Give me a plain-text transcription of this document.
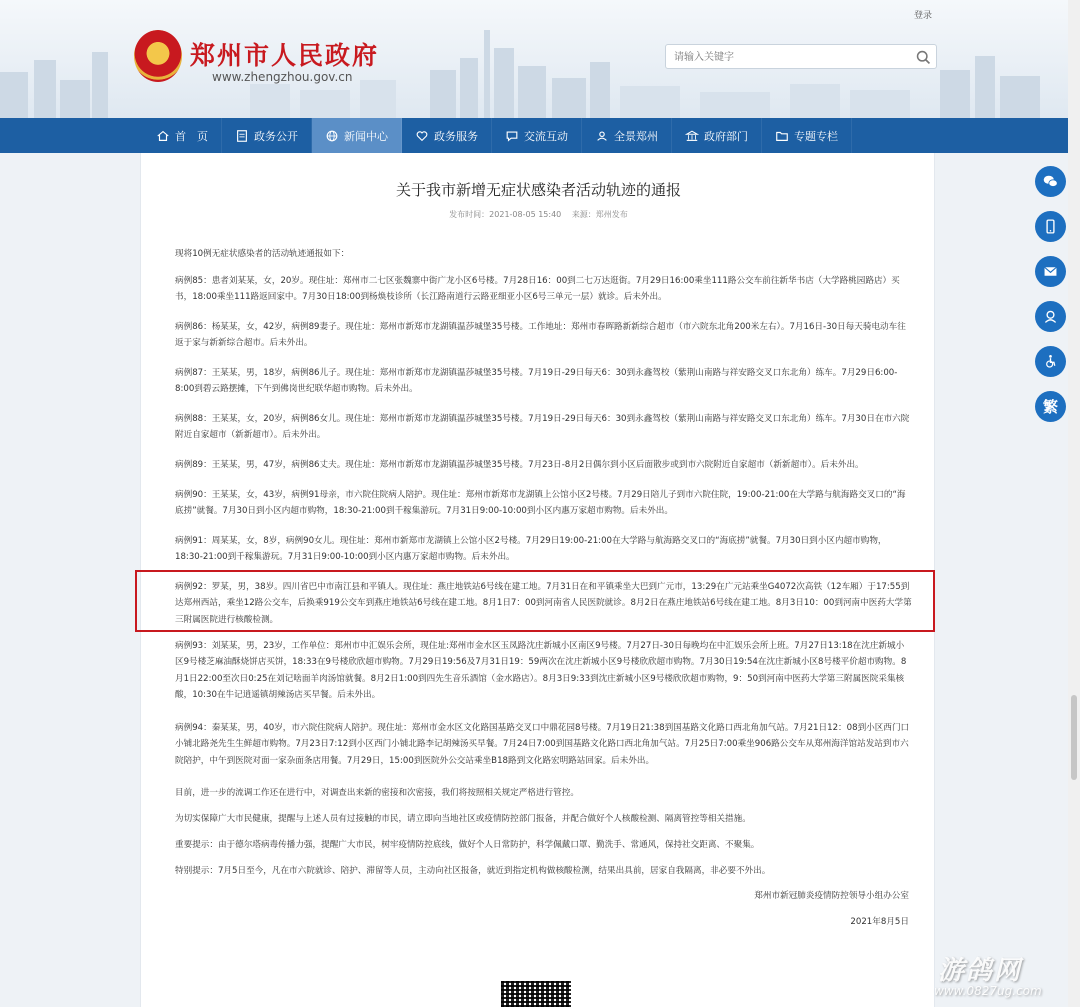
登录
郑州市人民政府
www.zhengzhou.gov.cn
请输入关键字
首　页	政务公开	新闻中心	政务服务	交流互动	全景郑州	政府部门	专题专栏
关于我市新增无症状感染者活动轨迹的通报
发布时间：2021-08-05 15:40 来源：郑州发布
现将10例无症状感染者的活动轨迹通报如下：
病例85：患者刘某某，女，20岁。现住址：郑州市二七区张魏寨中街广龙小区6号楼。7月28日16：00到二七万达逛街。7月29日16:00乘坐111路公交车前往新华书店（大学路桃园路店）买书，18:00乘坐111路返回家中。7月30日18:00到杨焕枝诊所（长江路南道行云路亚细亚小区6号三单元一层）就诊。后未外出。
病例86：杨某某，女，42岁，病例89妻子。现住址：郑州市新郑市龙湖镇温莎城堡35号楼。工作地址：郑州市春晖路新新综合超市（市六院东北角200米左右）。7月16日-30日每天骑电动车往返于家与新新综合超市。后未外出。
病例87：王某某，男，18岁，病例86儿子。现住址：郑州市新郑市龙湖镇温莎城堡35号楼。7月19日-29日每天6：30到永鑫驾校（紫荆山南路与祥安路交叉口东北角）练车。7月29日6:00-8:00到碧云路摆摊，下午到佛岗世纪联华超市购物。后未外出。
病例88：王某某，女，20岁，病例86女儿。现住址：郑州市新郑市龙湖镇温莎城堡35号楼。7月19日-29日每天6：30到永鑫驾校（紫荆山南路与祥安路交叉口东北角）练车。7月30日在市六院附近自家超市（新新超市）。后未外出。
病例89：王某某，男，47岁，病例86丈夫。现住址：郑州市新郑市龙湖镇温莎城堡35号楼。7月23日-8月2日偶尔到小区后面散步或到市六院附近自家超市（新新超市）。后未外出。
病例90：王某某，女，43岁，病例91母亲，市六院住院病人陪护。现住址：郑州市新郑市龙湖镇上公馆小区2号楼。7月29日陪儿子到市六院住院，19:00-21:00在大学路与航海路交叉口的“海底捞”就餐。7月30日到小区内超市购物，18:30-21:00到千稼集游玩。7月31日9:00-10:00到小区内惠万家超市购物。后未外出。
病例91：周某某，女，8岁，病例90女儿。现住址：郑州市新郑市龙湖镇上公馆小区2号楼。7月29日19:00-21:00在大学路与航海路交叉口的“海底捞”就餐。7月30日到小区内超市购物，18:30-21:00到千稼集游玩。7月31日9:00-10:00到小区内惠万家超市购物。后未外出。
病例92：罗某，男，38岁。四川省巴中市南江县和平镇人。现住址：燕庄地铁站6号线在建工地。7月31日在和平镇乘坐大巴到广元市，13:29在广元站乘坐G4072次高铁（12车厢）于17:55到达郑州西站，乘坐12路公交车，后换乘919公交车到燕庄地铁站6号线在建工地。8月1日7：00到河南省人民医院就诊。8月2日在燕庄地铁站6号线在建工地。8月3日10：00到河南中医药大学第三附属医院进行核酸检测。
病例93：刘某某，男，23岁，工作单位：郑州市中汇娱乐会所，现住址:郑州市金水区玉凤路沈庄新城小区南区9号楼。7月27日-30日每晚均在中汇娱乐会所上班。7月27日13:18在沈庄新城小区9号楼芝麻油酥烧饼店买饼，18:33在9号楼欣欣超市购物。7月29日19:56及7月31日19：59两次在沈庄新城小区9号楼欣欣超市购物。7月30日19:54在沈庄新城小区8号楼平价超市购物。8月1日22:00至次日0:25在刘记啥面羊肉汤馆就餐。8月2日1:00到四先生音乐酒馆（金水路店）。8月3日9:33到沈庄新城小区9号楼欣欣超市购物，9：50到河南中医药大学第三附属医院采集核酸，10:30在牛记逍遥镇胡辣汤店买早餐。后未外出。
病例94：秦某某，男，40岁，市六院住院病人陪护。现住址：郑州市金水区文化路国基路交叉口中鼎花园8号楼。7月19日21:38到国基路文化路口西北角加气站。7月21日12：08到小区西门口小铺北路尧先生生鲜超市购物。7月23日7:12到小区西门小铺北路李记胡辣汤买早餐。7月24日7:00到国基路文化路口西北角加气站。7月25日7:00乘坐906路公交车从郑州海洋馆站发站到市六院陪护，中午到医院对面一家杂面条店用餐。7月29日，15:00到医院外公交站乘坐B18路到文化路宏明路站回家。后未外出。
目前，进一步的流调工作还在进行中，对调查出来新的密接和次密接，我们将按照相关规定严格进行管控。
为切实保障广大市民健康，提醒与上述人员有过接触的市民，请立即向当地社区或疫情防控部门报备，并配合做好个人核酸检测、隔离管控等相关措施。
重要提示：由于德尔塔病毒传播力强，提醒广大市民，树牢疫情防控底线，做好个人日常防护，科学佩戴口罩、勤洗手、常通风，保持社交距离、不聚集。
特别提示：7月5日至今，凡在市六院就诊、陪护、滞留等人员，主动向社区报备，就近到指定机构做核酸检测，结果出具前，居家自我隔离，非必要不外出。
郑州市新冠肺炎疫情防控领导小组办公室
2021年8月5日
繁
游鸽网
www.0827ug.com
